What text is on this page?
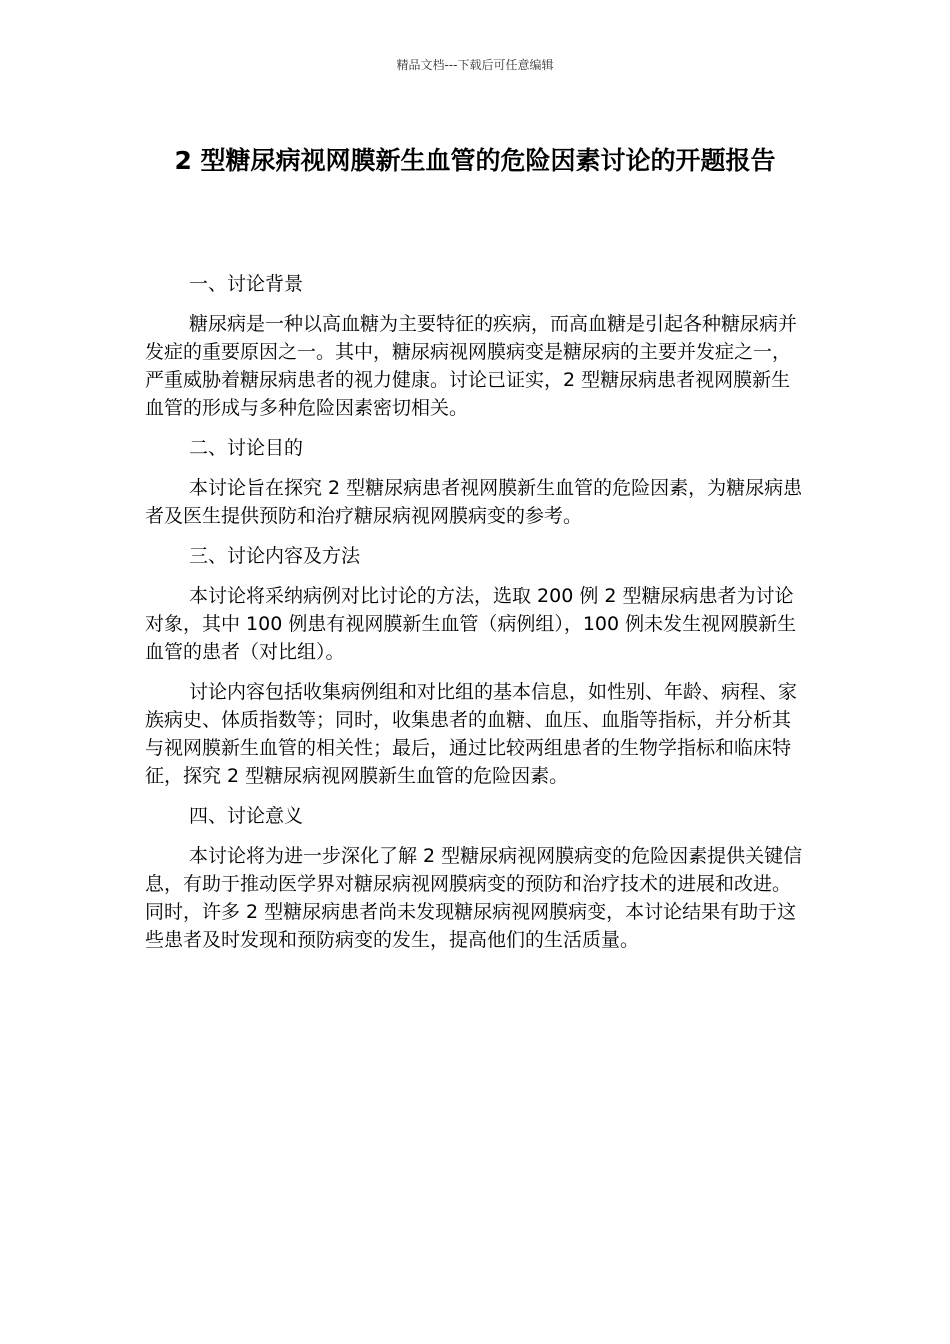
精品文档---下载后可任意编辑
2 型糖尿病视网膜新生血管的危险因素讨论的开题报告

一、讨论背景

糖尿病是一种以高血糖为主要特征的疾病，而高血糖是引起各种糖尿病并发症的重要原因之一。其中，糖尿病视网膜病变是糖尿病的主要并发症之一，严重威胁着糖尿病患者的视力健康。讨论已证实，2 型糖尿病患者视网膜新生血管的形成与多种危险因素密切相关。

二、讨论目的

本讨论旨在探究 2 型糖尿病患者视网膜新生血管的危险因素，为糖尿病患者及医生提供预防和治疗糖尿病视网膜病变的参考。

三、讨论内容及方法

本讨论将采纳病例对比讨论的方法，选取 200 例 2 型糖尿病患者为讨论对象，其中 100 例患有视网膜新生血管（病例组），100 例未发生视网膜新生血管的患者（对比组）。

讨论内容包括收集病例组和对比组的基本信息，如性别、年龄、病程、家族病史、体质指数等；同时，收集患者的血糖、血压、血脂等指标，并分析其与视网膜新生血管的相关性；最后，通过比较两组患者的生物学指标和临床特征，探究 2 型糖尿病视网膜新生血管的危险因素。

四、讨论意义

本讨论将为进一步深化了解 2 型糖尿病视网膜病变的危险因素提供关键信息，有助于推动医学界对糖尿病视网膜病变的预防和治疗技术的进展和改进。同时，许多 2 型糖尿病患者尚未发现糖尿病视网膜病变，本讨论结果有助于这些患者及时发现和预防病变的发生，提高他们的生活质量。
